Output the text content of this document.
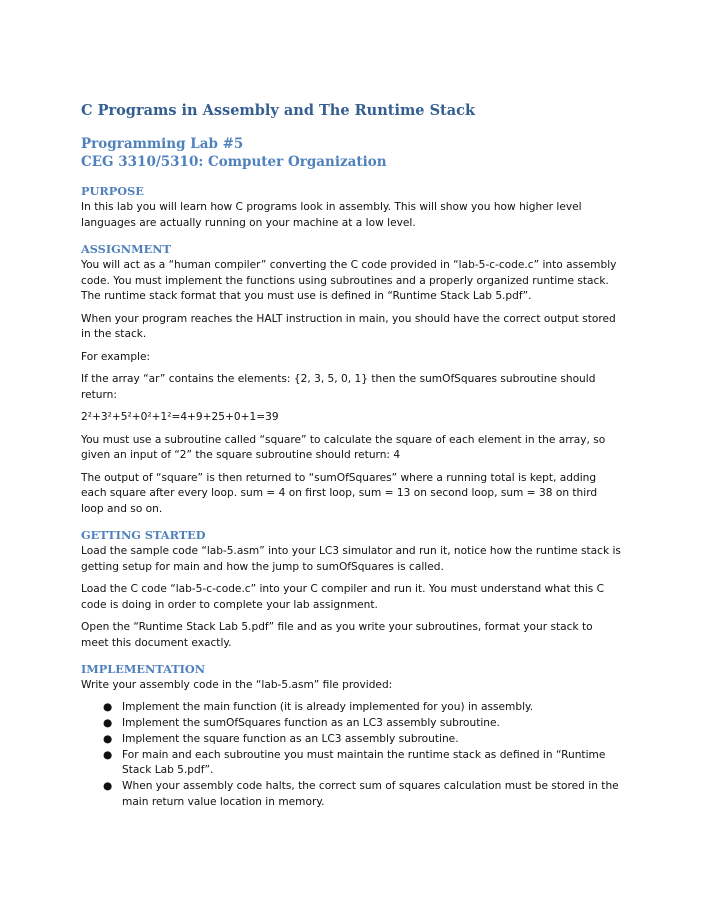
C Programs in Assembly and The Runtime Stack
Programming Lab #5
CEG 3310/5310: Computer Organization
PURPOSE

In this lab you will learn how C programs look in assembly. This will show you how higher level languages are actually running on your machine at a low level.

ASSIGNMENT

You will act as a “human compiler” converting the C code provided in “lab-5-c-code.c” into assembly code. You must implement the functions using subroutines and a properly organized runtime stack. The runtime stack format that you must use is defined in “Runtime Stack Lab 5.pdf”.

When your program reaches the HALT instruction in main, you should have the correct output stored in the stack.

For example:

If the array “ar” contains the elements: {2, 3, 5, 0, 1} then the sumOfSquares subroutine should return:

2²+3²+5²+0²+1²=4+9+25+0+1=39

You must use a subroutine called “square” to calculate the square of each element in the array, so given an input of “2” the square subroutine should return: 4

The output of “square” is then returned to “sumOfSquares” where a running total is kept, adding each square after every loop. sum = 4 on first loop, sum = 13 on second loop, sum = 38 on third loop and so on.

GETTING STARTED

Load the sample code “lab-5.asm” into your LC3 simulator and run it, notice how the runtime stack is getting setup for main and how the jump to sumOfSquares is called.

Load the C code “lab-5-c-code.c” into your C compiler and run it. You must understand what this C code is doing in order to complete your lab assignment.

Open the “Runtime Stack Lab 5.pdf” file and as you write your subroutines, format your stack to meet this document exactly.

IMPLEMENTATION

Write your assembly code in the “lab-5.asm” file provided:

● Implement the main function (it is already implemented for you) in assembly.
● Implement the sumOfSquares function as an LC3 assembly subroutine.
● Implement the square function as an LC3 assembly subroutine.
● For main and each subroutine you must maintain the runtime stack as defined in “Runtime Stack Lab 5.pdf”.
● When your assembly code halts, the correct sum of squares calculation must be stored in the main return value location in memory.
